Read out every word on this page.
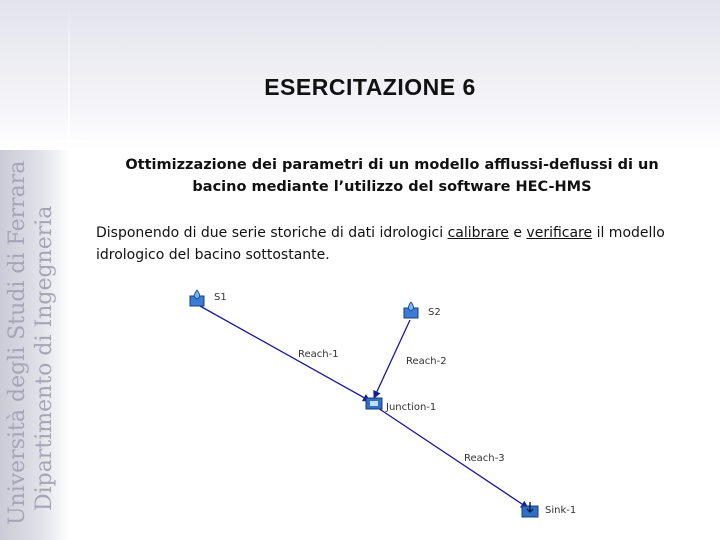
Università degli Studi di Ferrara Dipartimento di Ingegneria
ESERCITAZIONE 6
Ottimizzazione dei parametri di un modello afflussi-deflussi di un
bacino mediante l’utilizzo del software HEC-HMS
Disponendo di due serie storiche di dati idrologici calibrare e verificare il modello idrologico del bacino sottostante.
S1
S2
Reach-1
Reach-2
Reach-3
Junction-1
Sink-1
